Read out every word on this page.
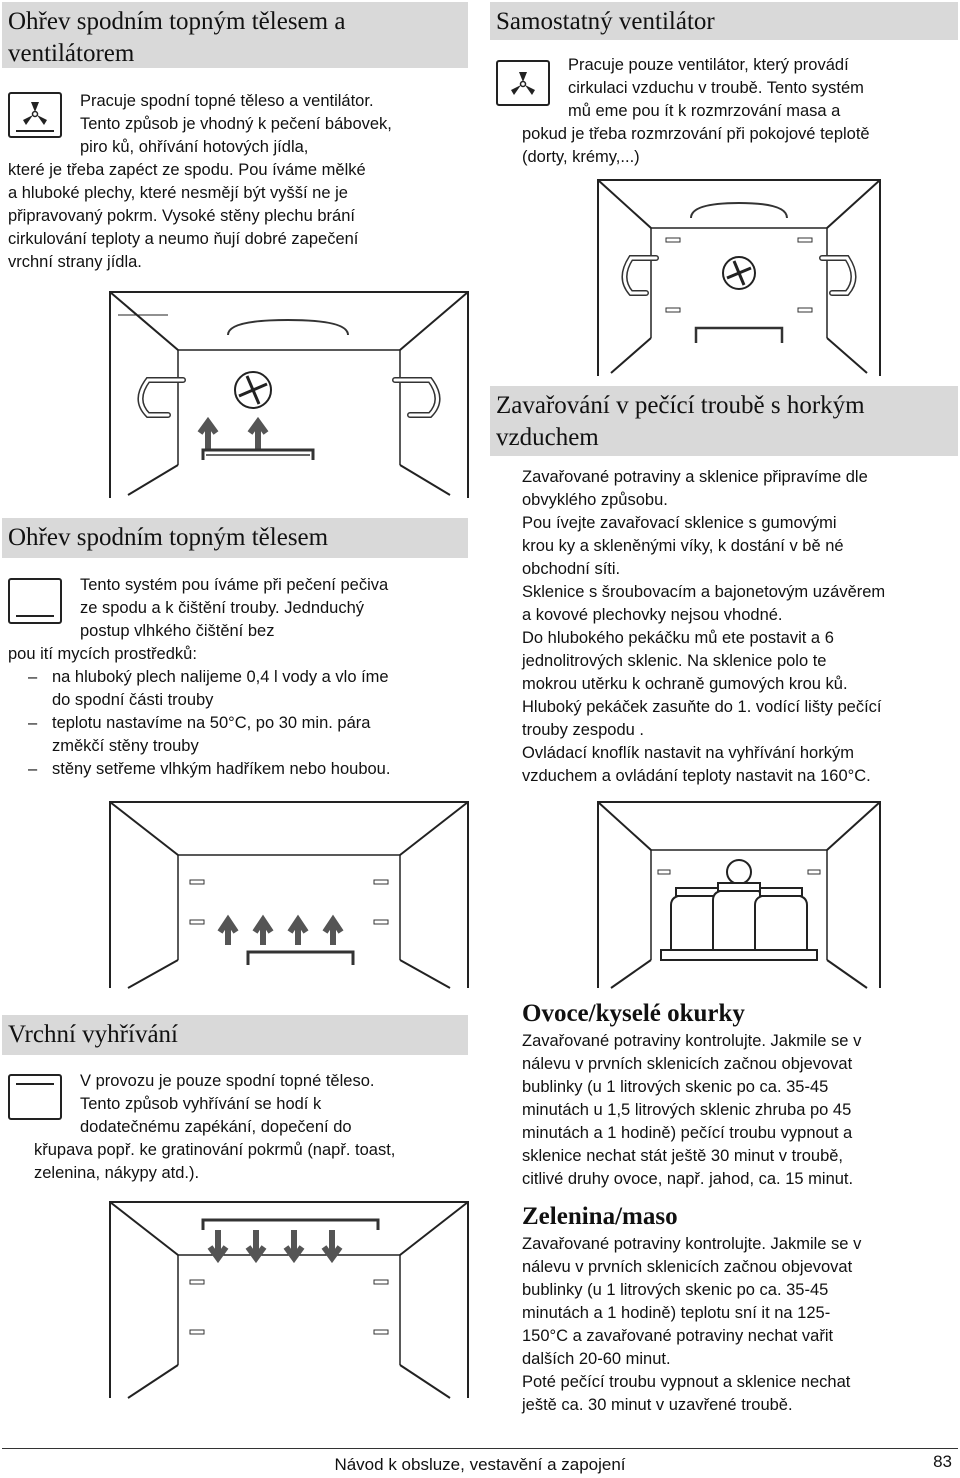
Ohřev spodním topným tělesem a
ventilátorem
Pracuje spodní topné těleso a ventilátor.
Tento způsob je vhodný k pečení bábovek,
piro ků, ohřívání hotových jídla,
které je třeba zapéct ze spodu. Pou íváme mělké
a hluboké plechy, které nesmějí být vyšší ne je
připravovaný pokrm. Vysoké stěny plechu brání
cirkulování teploty a neumo ňují dobré zapečení
vrchní strany jídla.
Samostatný ventilátor
Pracuje pouze ventilátor, který provádí
cirkulaci vzduchu v troubě. Tento systém
mů eme pou ít k rozmrzování masa a
pokud je třeba rozmrzování při pokojové teplotě
(dorty, krémy,...)
Ohřev spodním topným tělesem
Tento systém pou íváme při pečení pečiva
ze spodu a k čištění trouby. Jednduchý
postup vlhkého čištění bez
pou ití mycích prostředků:
– na hluboký plech nalijeme 0,4 l vody a vlo íme
do spodní části trouby
– teplotu nastavíme na 50°C, po 30 min. pára
změkčí stěny trouby
– stěny setřeme vlhkým hadříkem nebo houbou.
Zavařování v pečící troubě s horkým
vzduchem
Zavařované potraviny a sklenice připravíme dle
obvyklého způsobu.
Pou ívejte zavařovací sklenice s gumovými
krou ky a skleněnými víky, k dostání v bě né
obchodní síti.
Sklenice s šroubovacím a bajonetovým uzávěrem
a kovové plechovky nejsou vhodné.
Do hlubokého pekáčku mů ete postavit a 6
jednolitrových sklenic. Na sklenice polo te
mokrou utěrku k ochraně gumových krou ků.
Hluboký pekáček zasuňte do 1. vodící lišty pečící
trouby zespodu .
Ovládací knoflík nastavit na vyhřívání horkým
vzduchem a ovládání teploty nastavit na 160°C.
Vrchní vyhřívání
V provozu je pouze spodní topné těleso.
Tento způsob vyhřívání se hodí k
dodatečnému zapékání, dopečení do
křupava popř. ke gratinování pokrmů (např. toast,
zelenina, nákypy atd.).
Ovoce/kyselé okurky
Zavařované potraviny kontrolujte. Jakmile se v
nálevu v prvních sklenicích začnou objevovat
bublinky (u 1 litrových skenic po ca. 35-45
minutách u 1,5 litrových sklenic zhruba po 45
minutách a 1 hodině) pečící troubu vypnout a
sklenice nechat stát ještě 30 minut v troubě,
citlivé druhy ovoce, např. jahod, ca. 15 minut.
Zelenina/maso
Zavařované potraviny kontrolujte. Jakmile se v
nálevu v prvních sklenicích začnou objevovat
bublinky (u 1 litrových skenic po ca. 35-45
minutách a 1 hodině) teplotu sní it na 125-
150°C a zavařované potraviny nechat vařit
dalších 20-60 minut.
Poté pečící troubu vypnout a sklenice nechat
ještě ca. 30 minut v uzavřené troubě.
Návod k obsluze, vestavění a zapojení	83
